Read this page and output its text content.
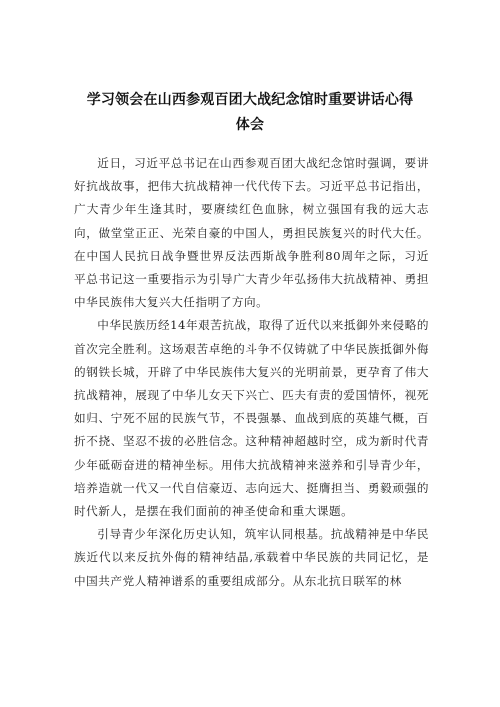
学习领会在山西参观百团大战纪念馆时重要讲话心得
体会

近日，习近平总书记在山西参观百团大战纪念馆时强调，要讲好抗战故事，把伟大抗战精神一代代传下去。习近平总书记指出，广大青少年生逢其时，要赓续红色血脉，树立强国有我的远大志向，做堂堂正正、光荣自豪的中国人，勇担民族复兴的时代大任。在中国人民抗日战争暨世界反法西斯战争胜利80周年之际，习近平总书记这一重要指示为引导广大青少年弘扬伟大抗战精神、勇担中华民族伟大复兴大任指明了方向。

中华民族历经14年艰苦抗战，取得了近代以来抵御外来侵略的首次完全胜利。这场艰苦卓绝的斗争不仅铸就了中华民族抵御外侮的钢铁长城，开辟了中华民族伟大复兴的光明前景，更孕育了伟大抗战精神，展现了中华儿女天下兴亡、匹夫有责的爱国情怀，视死如归、宁死不屈的民族气节，不畏强暴、血战到底的英雄气概，百折不挠、坚忍不拔的必胜信念。这种精神超越时空，成为新时代青少年砥砺奋进的精神坐标。用伟大抗战精神来滋养和引导青少年，培养造就一代又一代自信豪迈、志向远大、挺膺担当、勇毅顽强的时代新人，是摆在我们面前的神圣使命和重大课题。

引导青少年深化历史认知，筑牢认同根基。抗战精神是中华民族近代以来反抗外侮的精神结晶,承载着中华民族的共同记忆，是中国共产党人精神谱系的重要组成部分。从东北抗日联军的林
